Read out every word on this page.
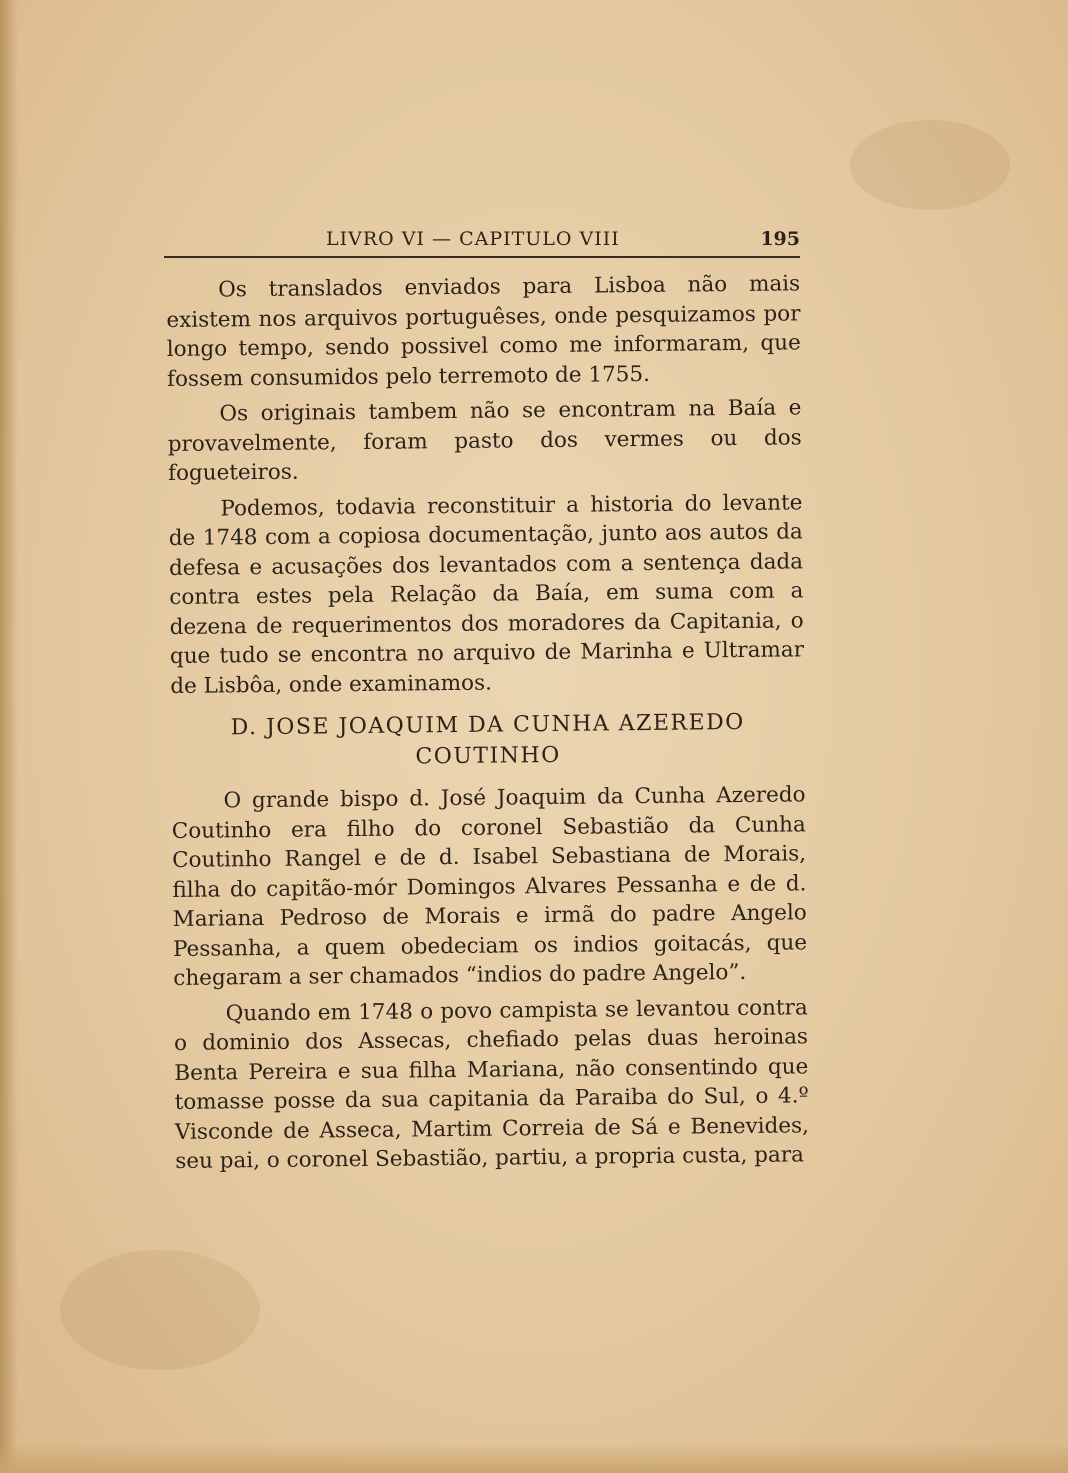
LIVRO VI — CAPITULO VIII	195

Os translados enviados para Lisboa não mais existem nos arquivos portuguêses, onde pesquizamos por longo tempo, sendo possivel como me informaram, que fossem consumidos pelo terremoto de 1755.

Os originais tambem não se encontram na Baía e provavelmente, foram pasto dos vermes ou dos fogueteiros.

Podemos, todavia reconstituir a historia do levante de 1748 com a copiosa documentação, junto aos autos da defesa e acusações dos levantados com a sentença dada contra estes pela Relação da Baía, em suma com a dezena de requerimentos dos moradores da Capitania, o que tudo se encontra no arquivo de Marinha e Ultramar de Lisbôa, onde examinamos.

D. JOSE JOAQUIM DA CUNHA AZEREDO
COUTINHO

O grande bispo d. José Joaquim da Cunha Azeredo Coutinho era filho do coronel Sebastião da Cunha Coutinho Rangel e de d. Isabel Sebastiana de Morais, filha do capitão-mór Domingos Alvares Pessanha e de d. Mariana Pedroso de Morais e irmã do padre Angelo Pessanha, a quem obedeciam os indios goitacás, que chegaram a ser chamados “indios do padre Angelo”.

Quando em 1748 o povo campista se levantou contra o dominio dos Assecas, chefiado pelas duas heroinas Benta Pereira e sua filha Mariana, não consentindo que tomasse posse da sua capitania da Paraiba do Sul, o 4.º Visconde de Asseca, Martim Correia de Sá e Benevides, seu pai, o coronel Sebastião, partiu, a propria custa, para
